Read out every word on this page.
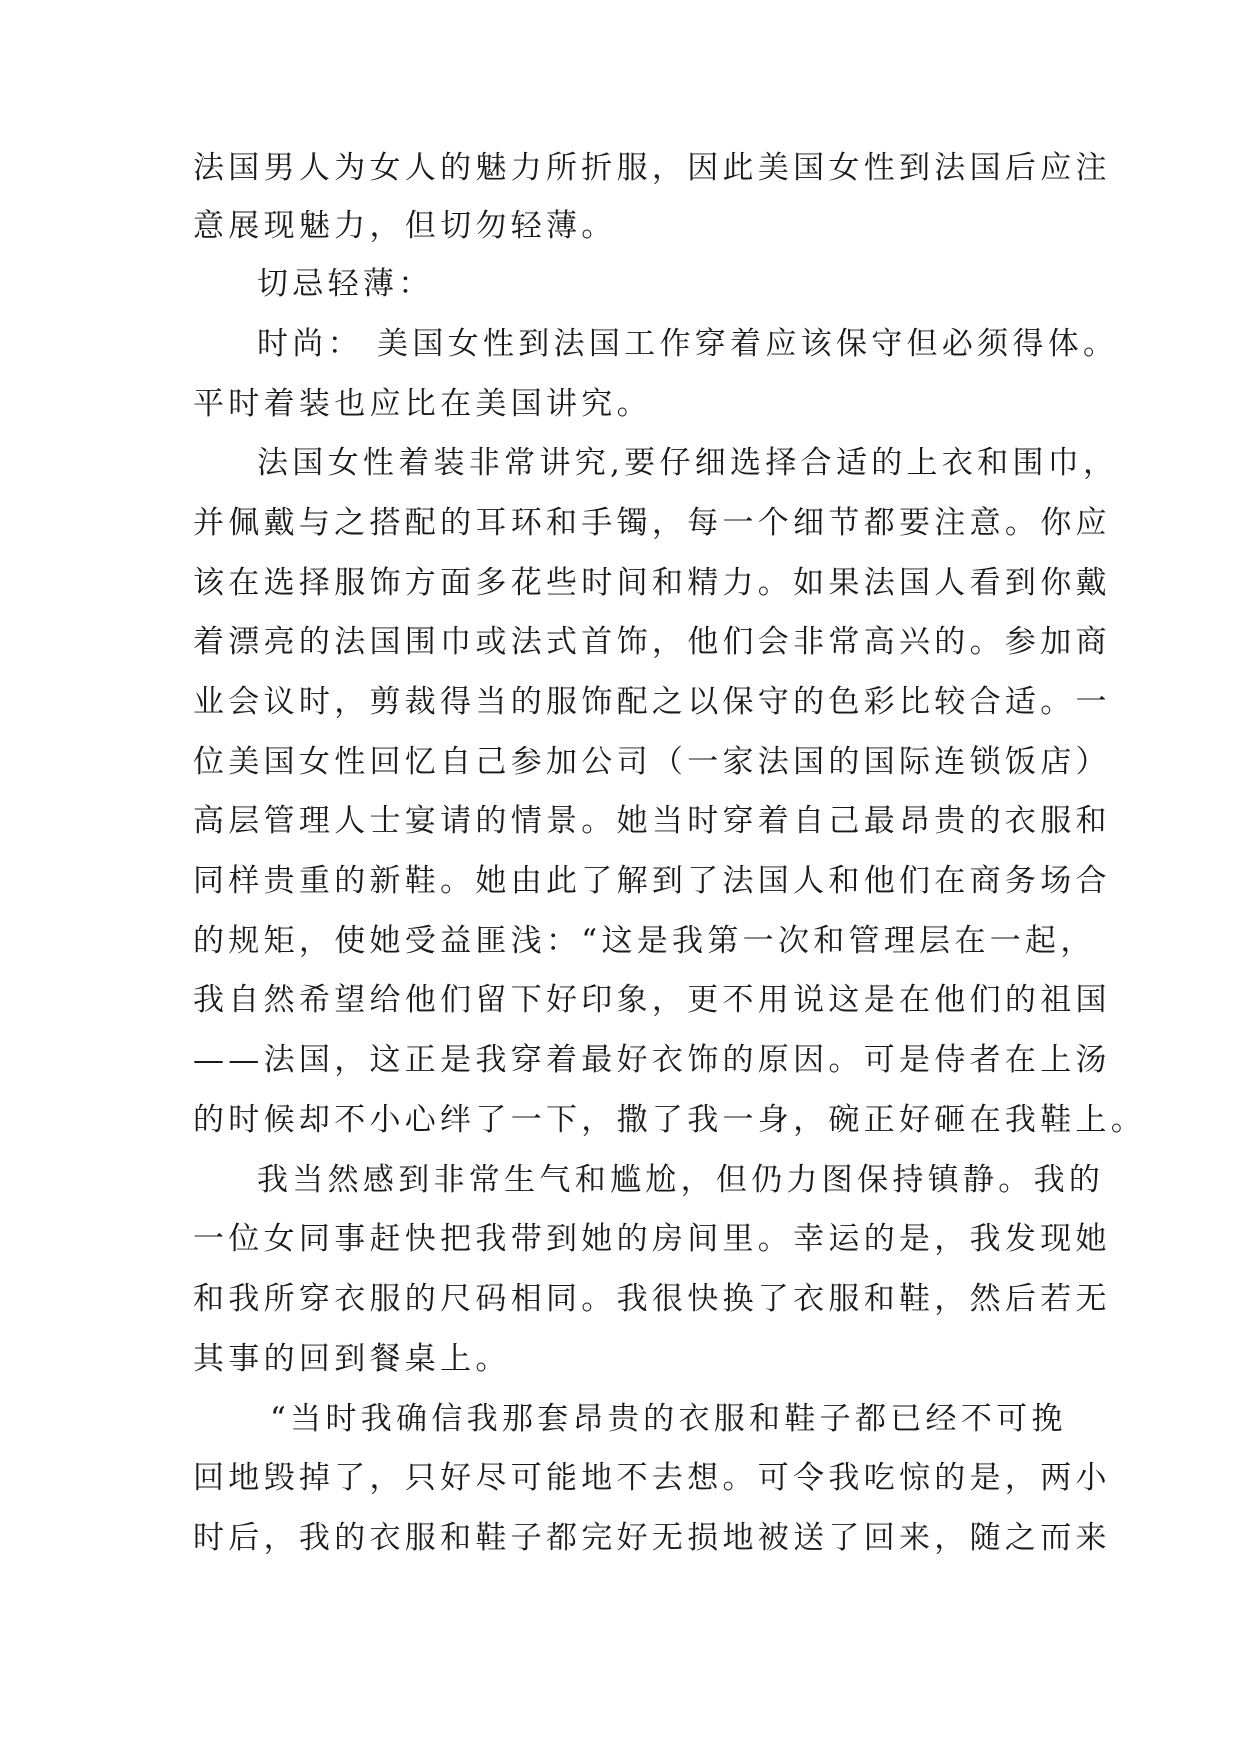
法国男人为女人的魅力所折服，因此美国女性到法国后应注
意展现魅力，但切勿轻薄。
切忌轻薄：
时尚： 美国女性到法国工作穿着应该保守但必须得体。
平时着装也应比在美国讲究。
法国女性着装非常讲究,要仔细选择合适的上衣和围巾，
并佩戴与之搭配的耳环和手镯，每一个细节都要注意。你应
该在选择服饰方面多花些时间和精力。如果法国人看到你戴
着漂亮的法国围巾或法式首饰，他们会非常高兴的。参加商
业会议时，剪裁得当的服饰配之以保守的色彩比较合适。一
位美国女性回忆自己参加公司（一家法国的国际连锁饭店）
高层管理人士宴请的情景。她当时穿着自己最昂贵的衣服和
同样贵重的新鞋。她由此了解到了法国人和他们在商务场合
的规矩，使她受益匪浅：“这是我第一次和管理层在一起，
我自然希望给他们留下好印象，更不用说这是在他们的祖国
——法国，这正是我穿着最好衣饰的原因。可是侍者在上汤
的时候却不小心绊了一下，撒了我一身，碗正好砸在我鞋上。
我当然感到非常生气和尴尬，但仍力图保持镇静。我的
一位女同事赶快把我带到她的房间里。幸运的是，我发现她
和我所穿衣服的尺码相同。我很快换了衣服和鞋，然后若无
其事的回到餐桌上。
“当时我确信我那套昂贵的衣服和鞋子都已经不可挽
回地毁掉了，只好尽可能地不去想。可令我吃惊的是，两小
时后，我的衣服和鞋子都完好无损地被送了回来，随之而来
